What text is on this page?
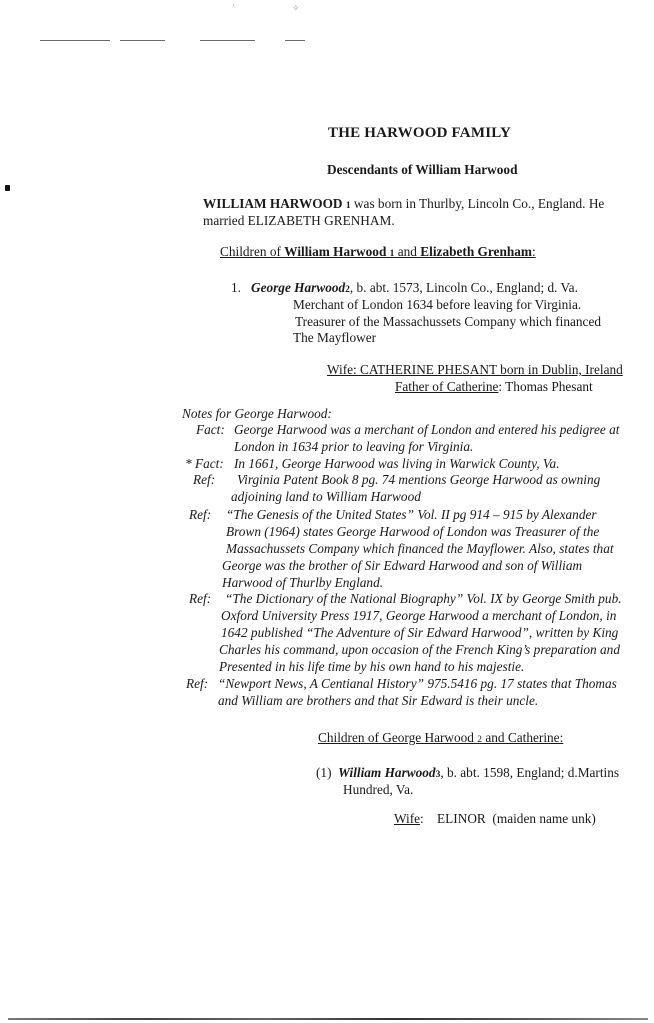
‘	✧
THE HARWOOD FAMILY
Descendants of William Harwood
WILLIAM HARWOOD 1 was born in Thurlby, Lincoln Co., England. He
married ELIZABETH GRENHAM.
Children of William Harwood 1 and Elizabeth Grenham:
1. George Harwood2, b. abt. 1573, Lincoln Co., England; d. Va.
Merchant of London 1634 before leaving for Virginia.
Treasurer of the Massachussets Company which financed
The Mayflower
Wife: CATHERINE PHESANT born in Dublin, Ireland
Father of Catherine: Thomas Phesant
Notes for George Harwood:
Fact: George Harwood was a merchant of London and entered his pedigree at
London in 1634 prior to leaving for Virginia.
* Fact: In 1661, George Harwood was living in Warwick County, Va.
Ref: Virginia Patent Book 8 pg. 74 mentions George Harwood as owning
adjoining land to William Harwood
Ref: “The Genesis of the United States” Vol. II pg 914 – 915 by Alexander
Brown (1964) states George Harwood of London was Treasurer of the
Massachussets Company which financed the Mayflower. Also, states that
George was the brother of Sir Edward Harwood and son of William
Harwood of Thurlby England.
Ref: “The Dictionary of the National Biography” Vol. IX by George Smith pub.
Oxford University Press 1917, George Harwood a merchant of London, in
1642 published “The Adventure of Sir Edward Harwood”, written by King
Charles his command, upon occasion of the French King’s preparation and
Presented in his life time by his own hand to his majestie.
Ref: “Newport News, A Centianal History” 975.5416 pg. 17 states that Thomas
and William are brothers and that Sir Edward is their uncle.
Children of George Harwood 2 and Catherine:
(1) William Harwood3, b. abt. 1598, England; d.Martins
Hundred, Va.
Wife:    ELINOR  (maiden name unk)
